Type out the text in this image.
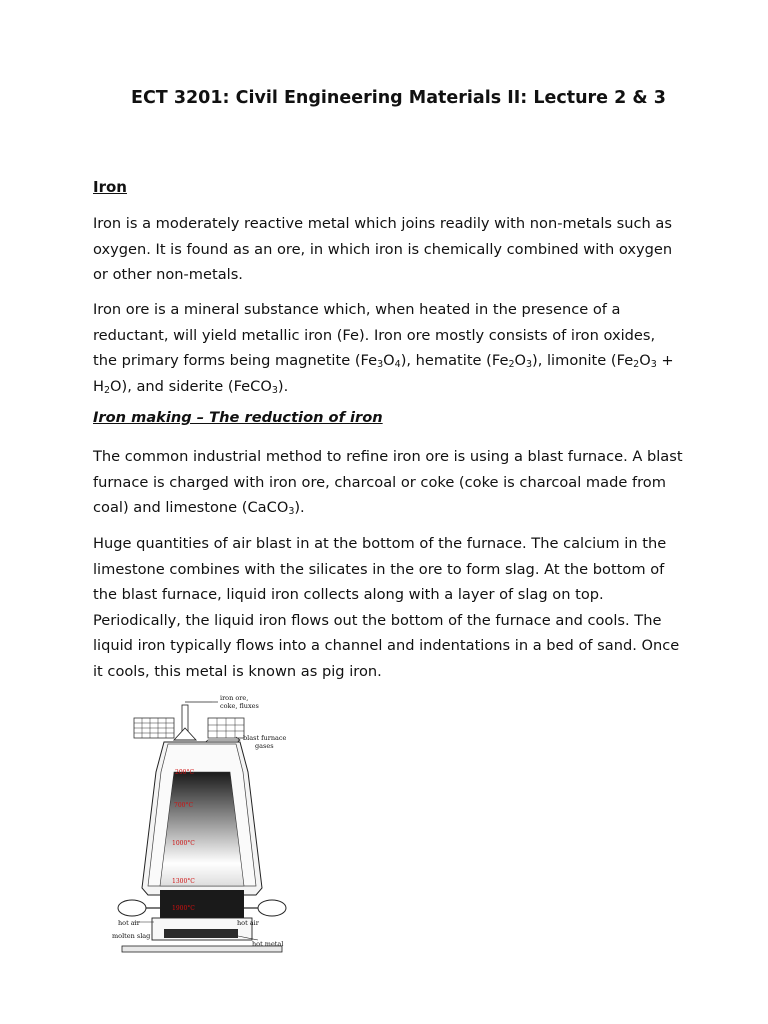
ECT 3201: Civil Engineering Materials II: Lecture 2 & 3
Iron

Iron is a moderately reactive metal which joins readily with non-metals such as oxygen. It is found as an ore, in which iron is chemically combined with oxygen or other non-metals.

Iron ore is a mineral substance which, when heated in the presence of a reductant, will yield metallic iron (Fe). Iron ore mostly consists of iron oxides, the primary forms being magnetite $(Fe_3O_4)$, hematite $(Fe_2O_3)$, limonite $(Fe_2O_3 + H_2O)$, and siderite (FeCO$_3$).

Iron making – The reduction of iron

The common industrial method to refine iron ore is using a blast furnace. A blast furnace is charged with iron ore, charcoal or coke (coke is charcoal made from coal) and limestone (CaCO$_3$).

Huge quantities of air blast in at the bottom of the furnace. The calcium in the limestone combines with the silicates in the ore to form slag. At the bottom of the blast furnace, liquid iron collects along with a layer of slag on top. Periodically, the liquid iron flows out the bottom of the furnace and cools. The liquid iron typically flows into a channel and indentations in a bed of sand. Once it cools, this metal is known as pig iron.

iron ore,
coke, fluxes
blast furnace
gases
hot air	hot air
molten slag
hot metal
200°C
700°C
1000°C
1300°C
1900°C
